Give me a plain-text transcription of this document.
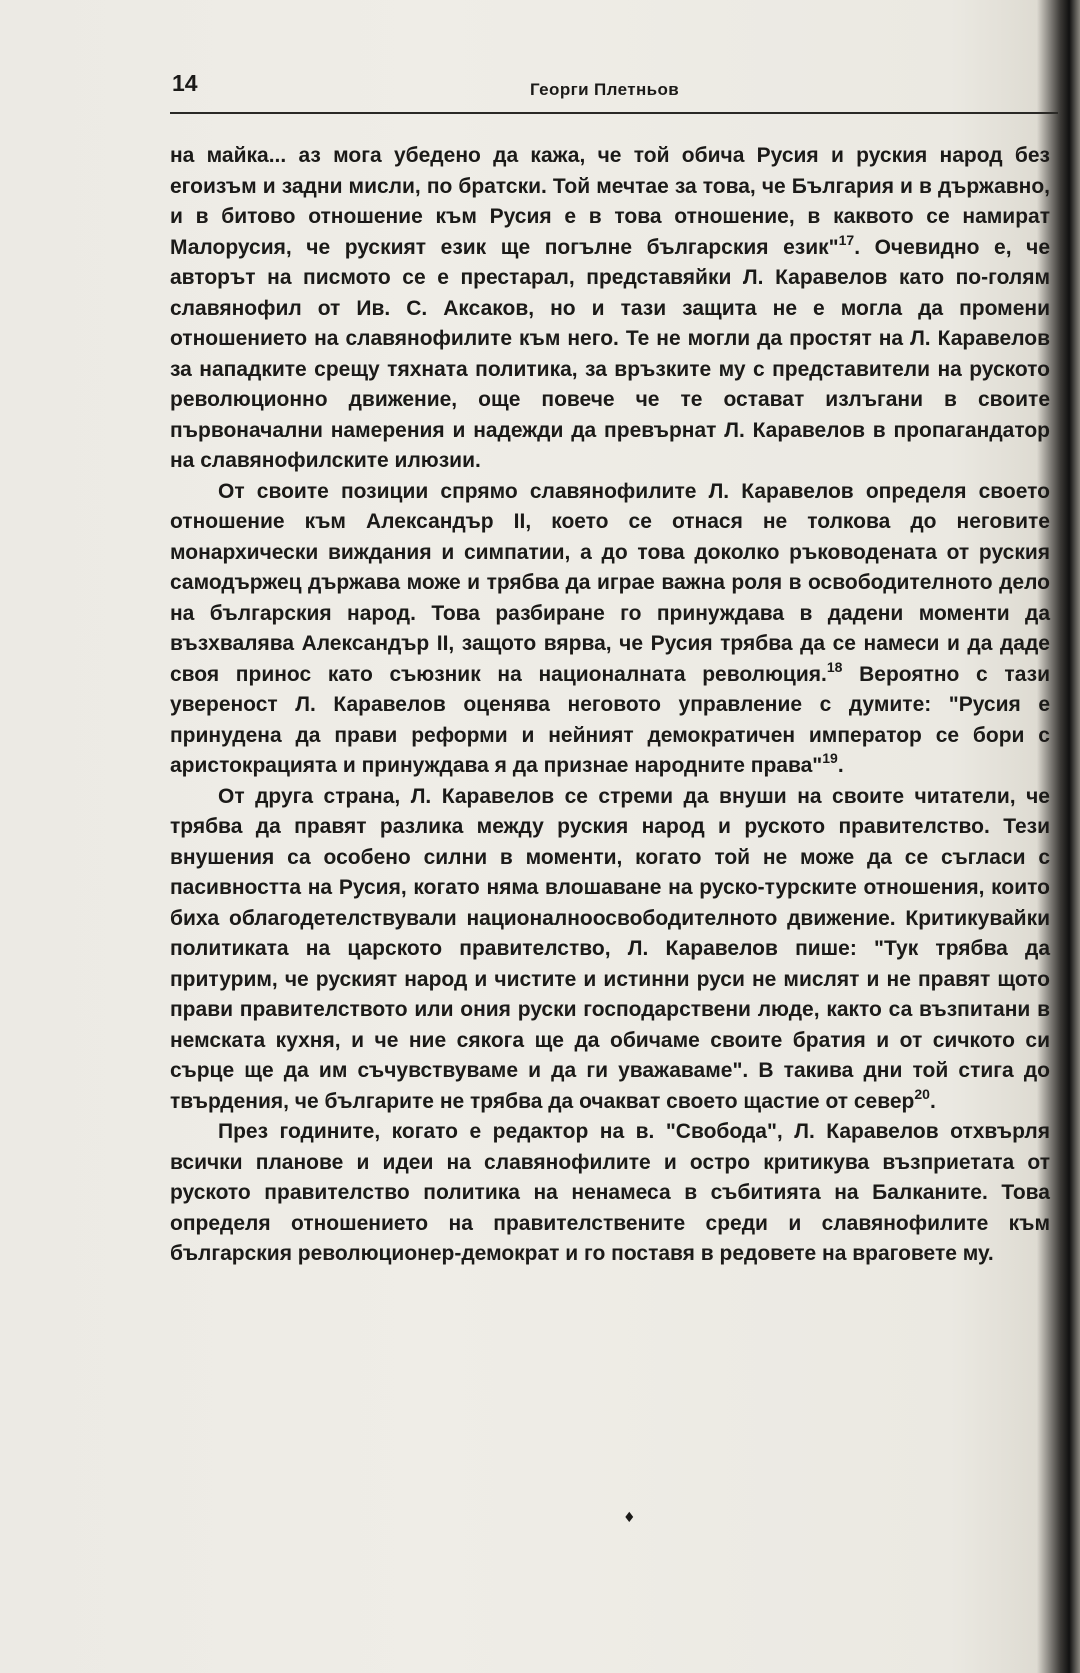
14	Георги Плетньов

на майка... аз мога убедено да кажа, че той обича Русия и руския народ без егоизъм и задни мисли, по братски. Той мечтае за това, че България и в държавно, и в битово отношение към Русия е в това отношение, в каквото се намират Малорусия, че руският език ще погълне българския език"$^{17}$. Очевидно е, че авторът на писмото се е престарал, представяйки Л. Каравелов като по-голям славянофил от Ив. С. Аксаков, но и тази защита не е могла да промени отношението на славянофилите към него. Те не могли да простят на Л. Каравелов за нападките срещу тяхната политика, за връзките му с представители на руското революционно движение, още повече че те остават излъгани в своите първоначални намерения и надежди да превърнат Л. Каравелов в пропагандатор на славянофилските илюзии.

От своите позиции спрямо славянофилите Л. Каравелов определя своето отношение към Александър II, което се отнася не толкова до неговите монархически виждания и симпатии, а до това доколко ръководената от руския самодържец държава може и трябва да играе важна роля в освободителното дело на българския народ. Това разбиране го принуждава в дадени моменти да възхвалява Александър II, защото вярва, че Русия трябва да се намеси и да даде своя принос като съюзник на националната революция.$^{18}$ Вероятно с тази увереност Л. Каравелов оценява неговото управление с думите: "Русия е принудена да прави реформи и нейният демократичен император се бори с аристокрацията и принуждава я да признае народните права"$^{19}$.

От друга страна, Л. Каравелов се стреми да внуши на своите читатели, че трябва да правят разлика между руския народ и руското правителство. Тези внушения са особено силни в моменти, когато той не може да се съгласи с пасивността на Русия, когато няма влошаване на руско-турските отношения, които биха облагодетелствували националноосвободителното движение. Критикувайки политиката на царското правителство, Л. Каравелов пише: "Тук трябва да притурим, че руският народ и чистите и истинни руси не мислят и не правят щото прави правителството или ония руски господарствени люде, както са възпитани в немската кухня, и че ние сякога ще да обичаме своите братия и от сичкото си сърце ще да им съчувствуваме и да ги уважаваме". В такива дни той стига до твърдения, че българите не трябва да очакват своето щастие от север$^{20}$.

През годините, когато е редактор на в. "Свобода", Л. Каравелов отхвърля всички планове и идеи на славянофилите и остро критикува възприетата от руското правителство политика на ненамеса в събитията на Балканите. Това определя отношението на правителствените среди и славянофилите към българския революционер-демократ и го поставя в редовете на враговете му.

♦
